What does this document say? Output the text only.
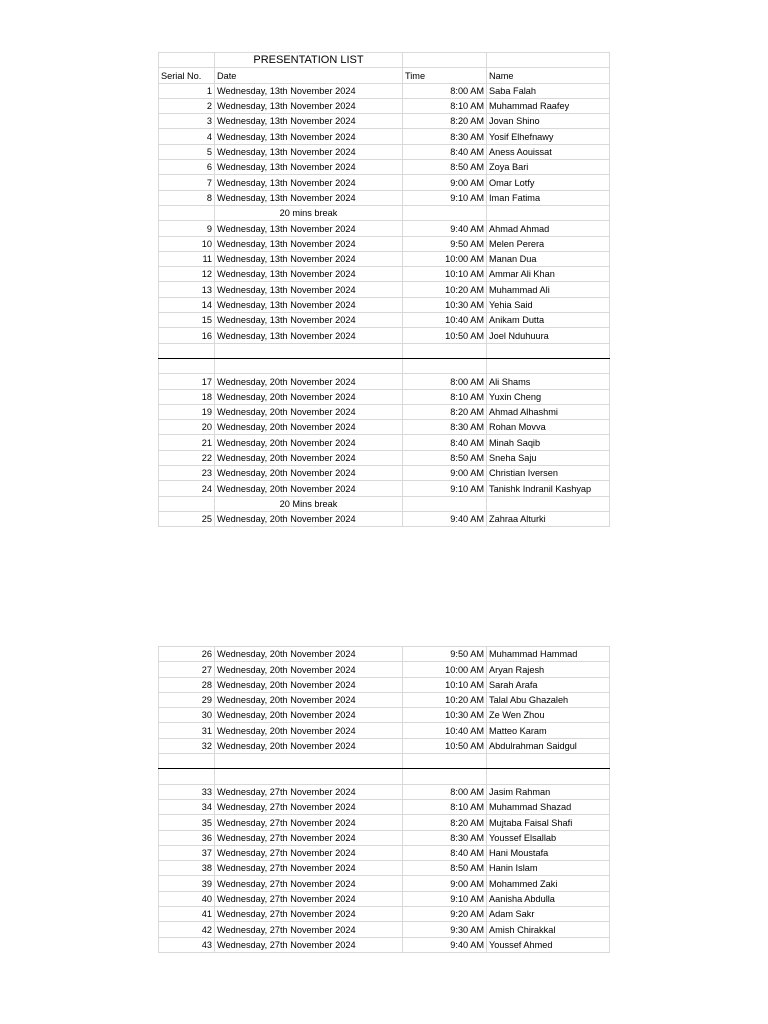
	PRESENTATION LIST		
Serial No.	Date	Time	Name
1	Wednesday, 13th November 2024	8:00 AM	Saba Falah
2	Wednesday, 13th November 2024	8:10 AM	Muhammad Raafey
3	Wednesday, 13th November 2024	8:20 AM	Jovan Shino
4	Wednesday, 13th November 2024	8:30 AM	Yosif Elhefnawy
5	Wednesday, 13th November 2024	8:40 AM	Aness Aouissat
6	Wednesday, 13th November 2024	8:50 AM	Zoya Bari
7	Wednesday, 13th November 2024	9:00 AM	Omar Lotfy
8	Wednesday, 13th November 2024	9:10 AM	Iman Fatima
	20 mins break		
9	Wednesday, 13th November 2024	9:40 AM	Ahmad Ahmad
10	Wednesday, 13th November 2024	9:50 AM	Melen Perera
11	Wednesday, 13th November 2024	10:00 AM	Manan Dua
12	Wednesday, 13th November 2024	10:10 AM	Ammar Ali Khan
13	Wednesday, 13th November 2024	10:20 AM	Muhammad Ali
14	Wednesday, 13th November 2024	10:30 AM	Yehia Said
15	Wednesday, 13th November 2024	10:40 AM	Anikam Dutta
16	Wednesday, 13th November 2024	10:50 AM	Joel Nduhuura

17	Wednesday, 20th November 2024	8:00 AM	Ali Shams
18	Wednesday, 20th November 2024	8:10 AM	Yuxin Cheng
19	Wednesday, 20th November 2024	8:20 AM	Ahmad Alhashmi
20	Wednesday, 20th November 2024	8:30 AM	Rohan Movva
21	Wednesday, 20th November 2024	8:40 AM	Minah Saqib
22	Wednesday, 20th November 2024	8:50 AM	Sneha Saju
23	Wednesday, 20th November 2024	9:00 AM	Christian Iversen
24	Wednesday, 20th November 2024	9:10 AM	Tanishk Indranil Kashyap
	20 Mins break		
25	Wednesday, 20th November 2024	9:40 AM	Zahraa Alturki
26	Wednesday, 20th November 2024	9:50 AM	Muhammad Hammad
27	Wednesday, 20th November 2024	10:00 AM	Aryan Rajesh
28	Wednesday, 20th November 2024	10:10 AM	Sarah Arafa
29	Wednesday, 20th November 2024	10:20 AM	Talal Abu Ghazaleh
30	Wednesday, 20th November 2024	10:30 AM	Ze Wen Zhou
31	Wednesday, 20th November 2024	10:40 AM	Matteo Karam
32	Wednesday, 20th November 2024	10:50 AM	Abdulrahman Saidgul

33	Wednesday, 27th November 2024	8:00 AM	Jasim Rahman
34	Wednesday, 27th November 2024	8:10 AM	Muhammad Shazad
35	Wednesday, 27th November 2024	8:20 AM	Mujtaba Faisal Shafi
36	Wednesday, 27th November 2024	8:30 AM	Youssef Elsallab
37	Wednesday, 27th November 2024	8:40 AM	Hani Moustafa
38	Wednesday, 27th November 2024	8:50 AM	Hanin Islam
39	Wednesday, 27th November 2024	9:00 AM	Mohammed Zaki
40	Wednesday, 27th November 2024	9:10 AM	Aanisha Abdulla
41	Wednesday, 27th November 2024	9:20 AM	Adam Sakr
42	Wednesday, 27th November 2024	9:30 AM	Amish Chirakkal
43	Wednesday, 27th November 2024	9:40 AM	Youssef Ahmed
